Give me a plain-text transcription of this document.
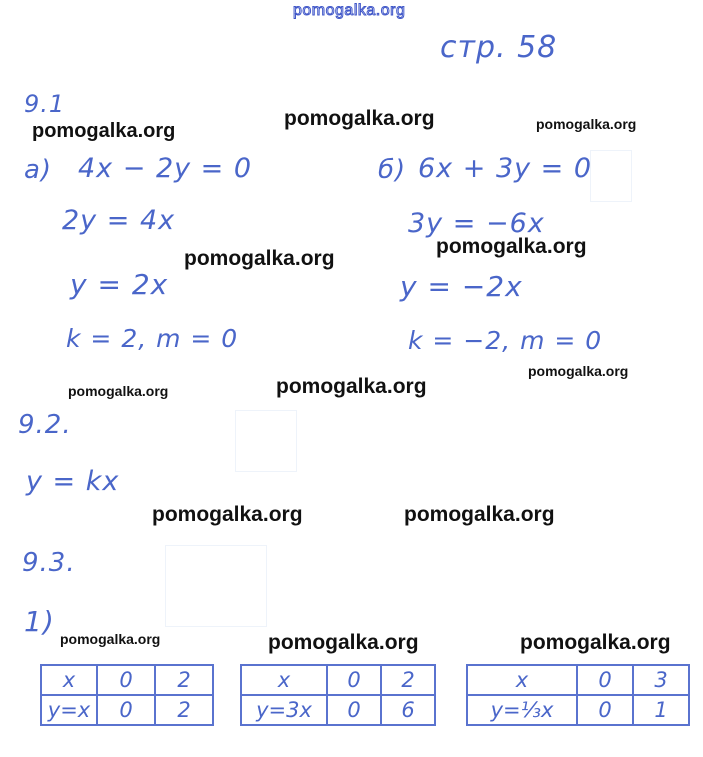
pomogalka.org
стр. 58
9.1
а) 4x − 2y = 0
2y = 4x
y = 2x
k = 2, m = 0
б) 6x + 3y = 0
3y = −6x
y = −2x
k = −2, m = 0
9.2.
y = kx
9.3.
1)
x	0	2
y=x	0	2
x	0	2
y=3x	0	6
x	0	3
y=⅓x	0	1
pomogalka.org
pomogalka.org	pomogalka.org
pomogalka.org
pomogalka.org
pomogalka.org	pomogalka.org
pomogalka.org
pomogalka.org	pomogalka.org
pomogalka.org	pomogalka.org	pomogalka.org
